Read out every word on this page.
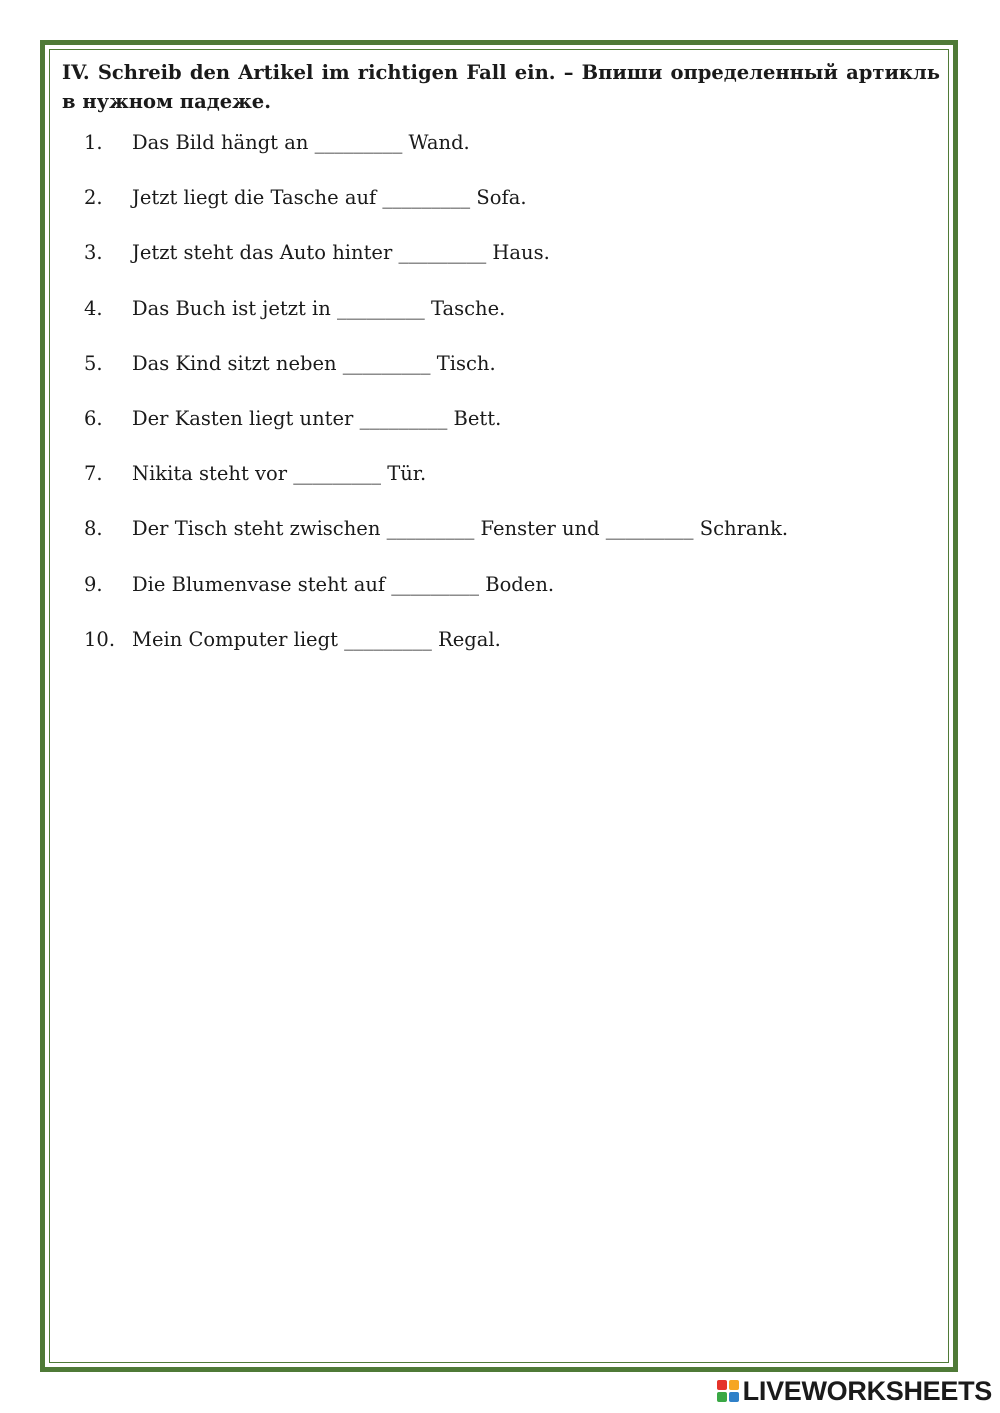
IV. Schreib den Artikel im richtigen Fall ein. – Впиши определенный артикль в нужном падеже.

1.	Das Bild hängt an _________ Wand.
2.	Jetzt liegt die Tasche auf _________ Sofa.
3.	Jetzt steht das Auto hinter _________ Haus.
4.	Das Buch ist jetzt in _________ Tasche.
5.	Das Kind sitzt neben _________ Tisch.
6.	Der Kasten liegt unter _________ Bett.
7.	Nikita steht vor _________ Tür.
8.	Der Tisch steht zwischen _________ Fenster und _________ Schrank.
9.	Die Blumenvase steht auf _________ Boden.
10. Mein Computer liegt _________ Regal.
LIVEWORKSHEETS
